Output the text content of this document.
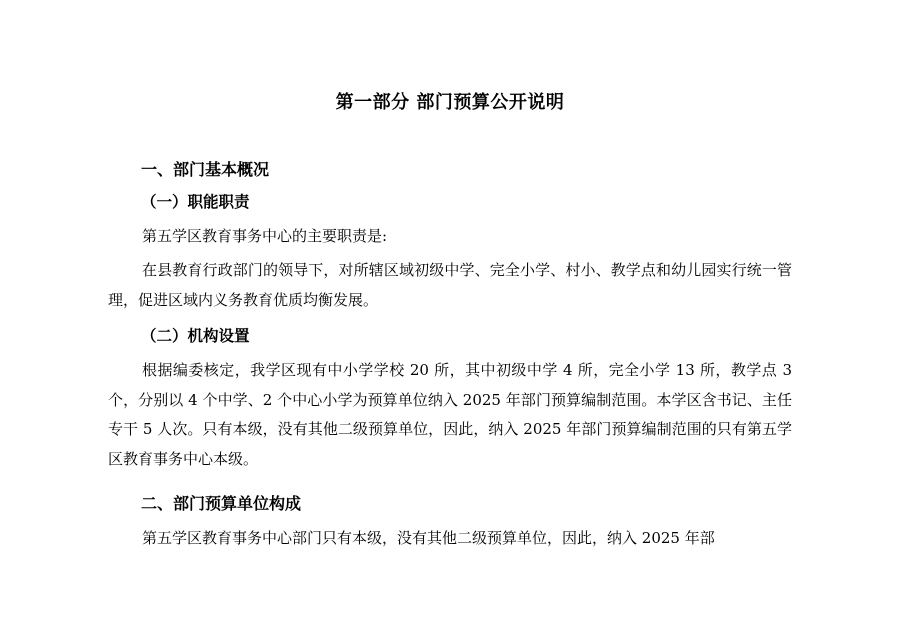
第一部分 部门预算公开说明
一、部门基本概况
（一）职能职责

第五学区教育事务中心的主要职责是:

在县教育行政部门的领导下，对所辖区域初级中学、完全小学、村小、教学点和幼儿园实行统一管理，促进区域内义务教育优质均衡发展。

（二）机构设置

根据编委核定，我学区现有中小学学校 20 所，其中初级中学 4 所，完全小学 13 所，教学点 3 个，分别以 4 个中学、2 个中心小学为预算单位纳入 2025 年部门预算编制范围。本学区含书记、主任专干 5 人次。只有本级，没有其他二级预算单位，因此，纳入 2025 年部门预算编制范围的只有第五学区教育事务中心本级。

二、部门预算单位构成

第五学区教育事务中心部门只有本级，没有其他二级预算单位，因此，纳入 2025 年部
